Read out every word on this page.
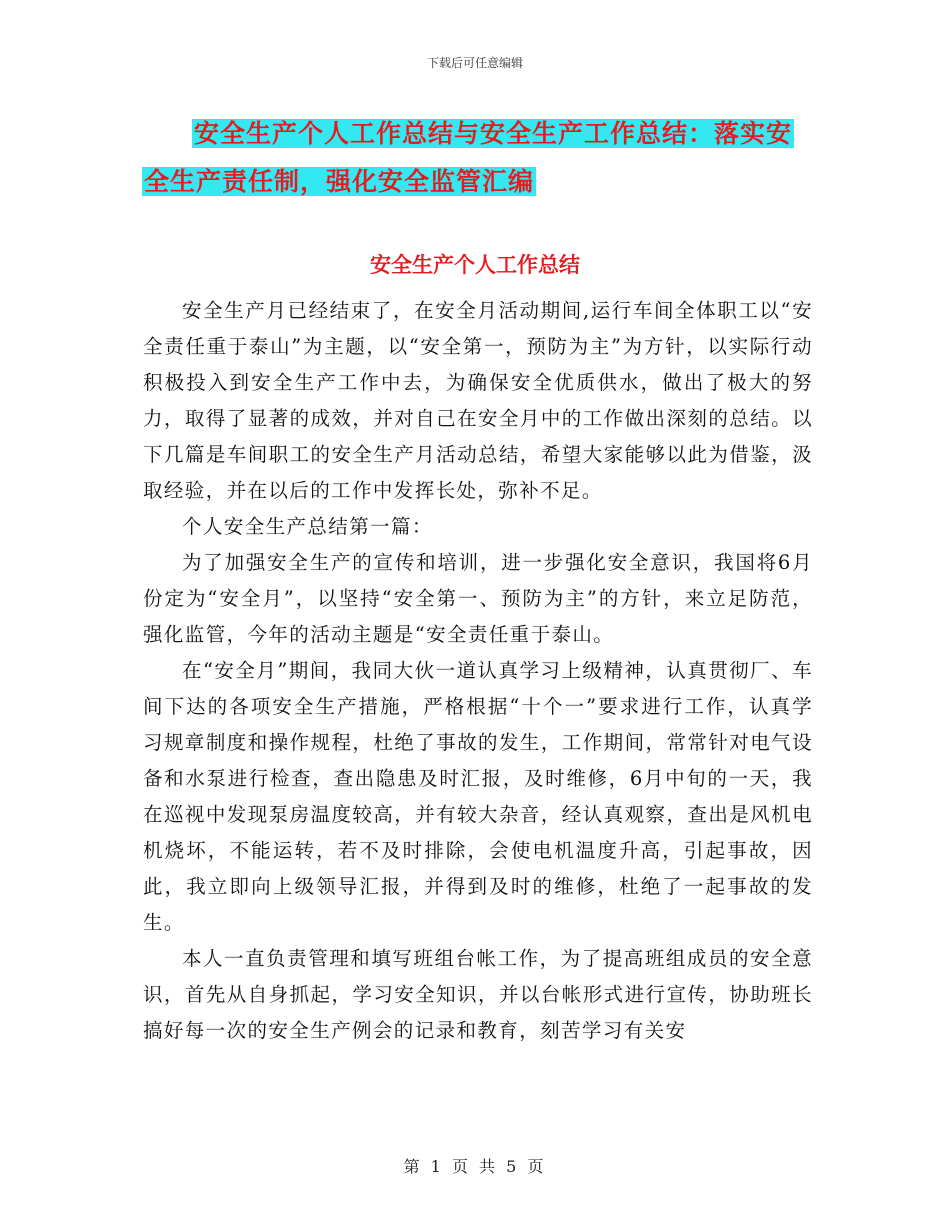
下载后可任意编辑
安全生产个人工作总结与安全生产工作总结：落实安
全生产责任制，强化安全监管汇编
安全生产个人工作总结

安全生产月已经结束了，在安全月活动期间,运行车间全体职工以“安全责任重于泰山”为主题，以“安全第一，预防为主”为方针，以实际行动积极投入到安全生产工作中去，为确保安全优质供水，做出了极大的努力，取得了显著的成效，并对自己在安全月中的工作做出深刻的总结。以下几篇是车间职工的安全生产月活动总结，希望大家能够以此为借鉴，汲取经验，并在以后的工作中发挥长处，弥补不足。

个人安全生产总结第一篇：

为了加强安全生产的宣传和培训，进一步强化安全意识，我国将6月份定为“安全月”，以坚持“安全第一、预防为主”的方针，来立足防范，强化监管，今年的活动主题是“安全责任重于泰山。

在“安全月”期间，我同大伙一道认真学习上级精神，认真贯彻厂、车间下达的各项安全生产措施，严格根据“十个一”要求进行工作，认真学习规章制度和操作规程，杜绝了事故的发生，工作期间，常常针对电气设备和水泵进行检查，查出隐患及时汇报，及时维修，6月中旬的一天，我在巡视中发现泵房温度较高，并有较大杂音，经认真观察，查出是风机电机烧坏，不能运转，若不及时排除，会使电机温度升高，引起事故，因此，我立即向上级领导汇报，并得到及时的维修，杜绝了一起事故的发生。

本人一直负责管理和填写班组台帐工作，为了提高班组成员的安全意识，首先从自身抓起，学习安全知识，并以台帐形式进行宣传，协助班长搞好每一次的安全生产例会的记录和教育，刻苦学习有关安

第 1 页 共 5 页
